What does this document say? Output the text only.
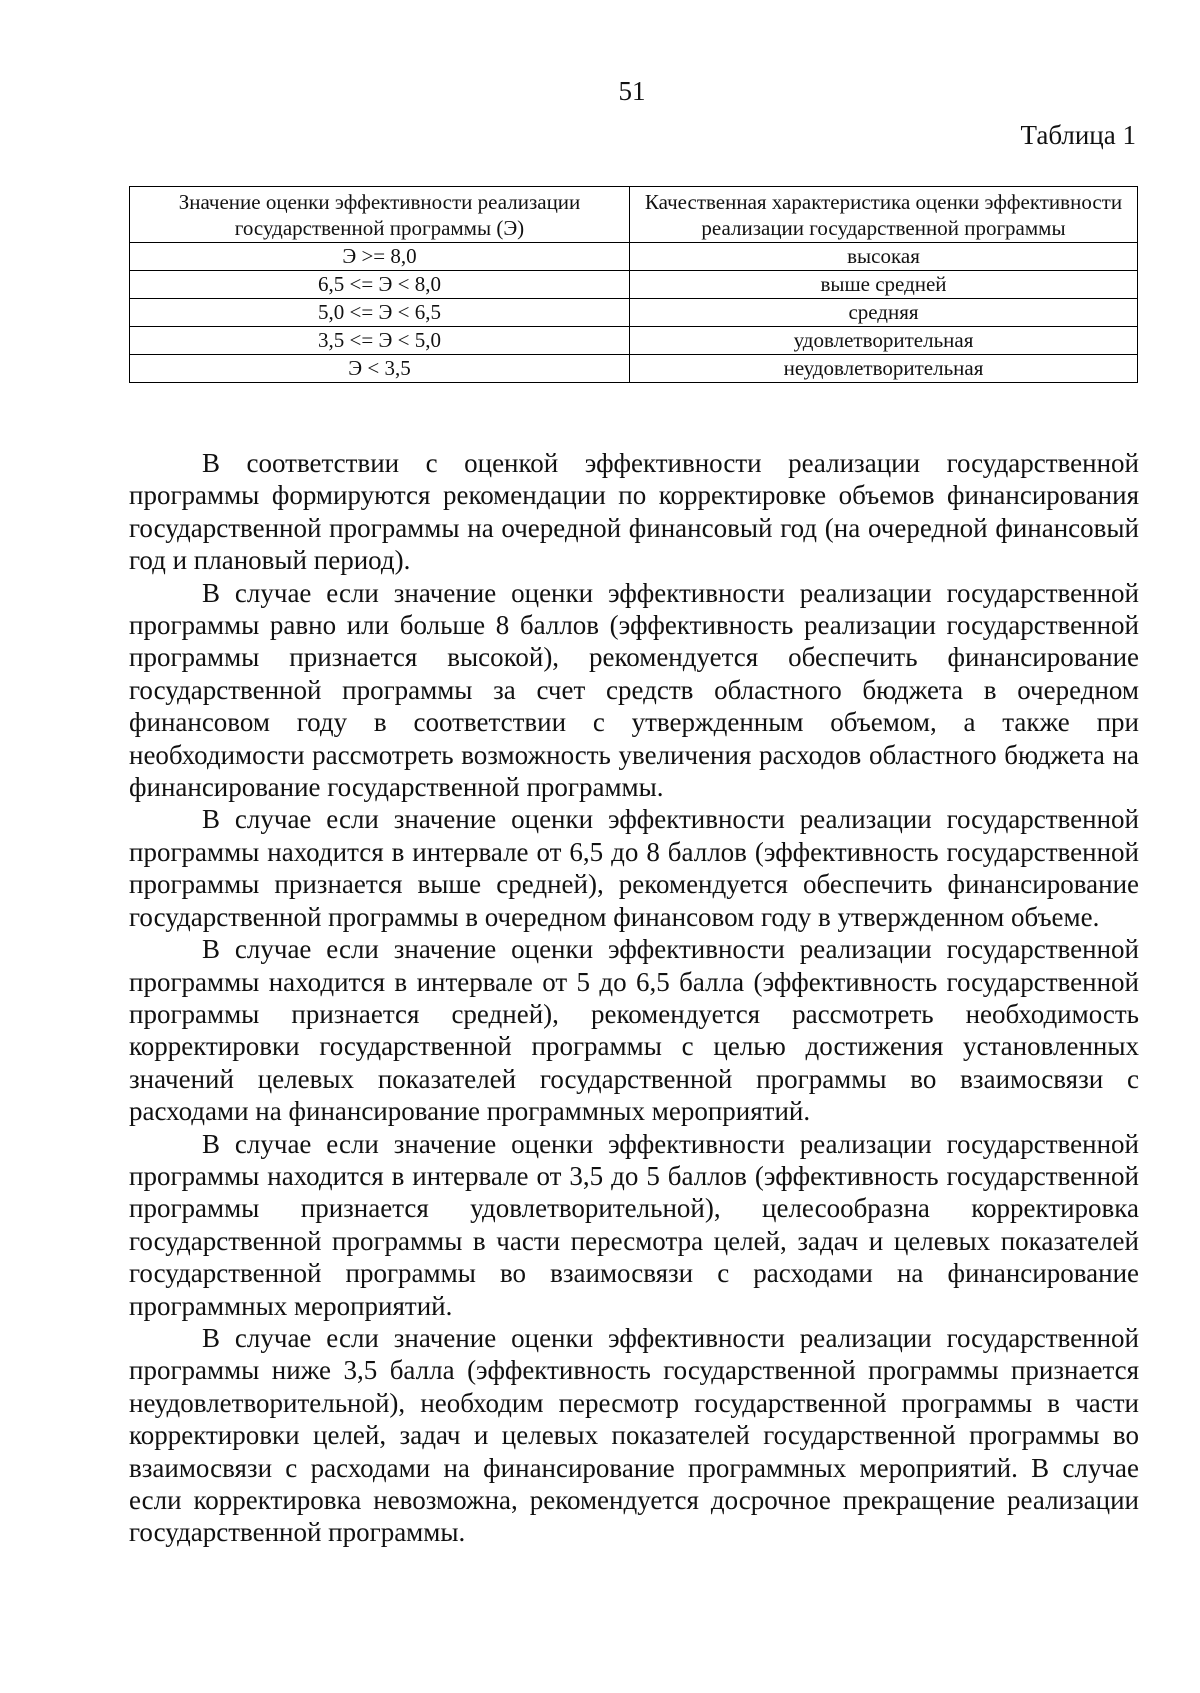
51
Таблица 1
Значение оценки эффективности реализации государственной программы (Э)	Качественная характеристика оценки эффективности реализации государственной программы
Э >= 8,0	высокая
6,5 <= Э < 8,0	выше средней
5,0 <= Э < 6,5	средняя
3,5 <= Э < 5,0	удовлетворительная
Э < 3,5	неудовлетворительная

В соответствии с оценкой эффективности реализации государственной программы формируются рекомендации по корректировке объемов финансирования государственной программы на очередной финансовый год (на очередной финансовый год и плановый период).

В случае если значение оценки эффективности реализации государственной программы равно или больше 8 баллов (эффективность реализации государственной программы признается высокой), рекомендуется обеспечить финансирование государственной программы за счет средств областного бюджета в очередном финансовом году в соответствии с утвержденным объемом, а также при необходимости рассмотреть возможность увеличения расходов областного бюджета на финансирование государственной программы.

В случае если значение оценки эффективности реализации государственной программы находится в интервале от 6,5 до 8 баллов (эффективность государственной программы признается выше средней), рекомендуется обеспечить финансирование государственной программы в очередном финансовом году в утвержденном объеме.

В случае если значение оценки эффективности реализации государственной программы находится в интервале от 5 до 6,5 балла (эффективность государственной программы признается средней), рекомендуется рассмотреть необходимость корректировки государственной программы с целью достижения установленных значений целевых показателей государственной программы во взаимосвязи с расходами на финансирование программных мероприятий.

В случае если значение оценки эффективности реализации государственной программы находится в интервале от 3,5 до 5 баллов (эффективность государственной программы признается удовлетворительной), целесообразна корректировка государственной программы в части пересмотра целей, задач и целевых показателей государственной программы во взаимосвязи с расходами на финансирование программных мероприятий.

В случае если значение оценки эффективности реализации государственной программы ниже 3,5 балла (эффективность государственной программы признается неудовлетворительной), необходим пересмотр государственной программы в части корректировки целей, задач и целевых показателей государственной программы во взаимосвязи с расходами на финансирование программных мероприятий. В случае если корректировка невозможна, рекомендуется досрочное прекращение реализации государственной программы.
